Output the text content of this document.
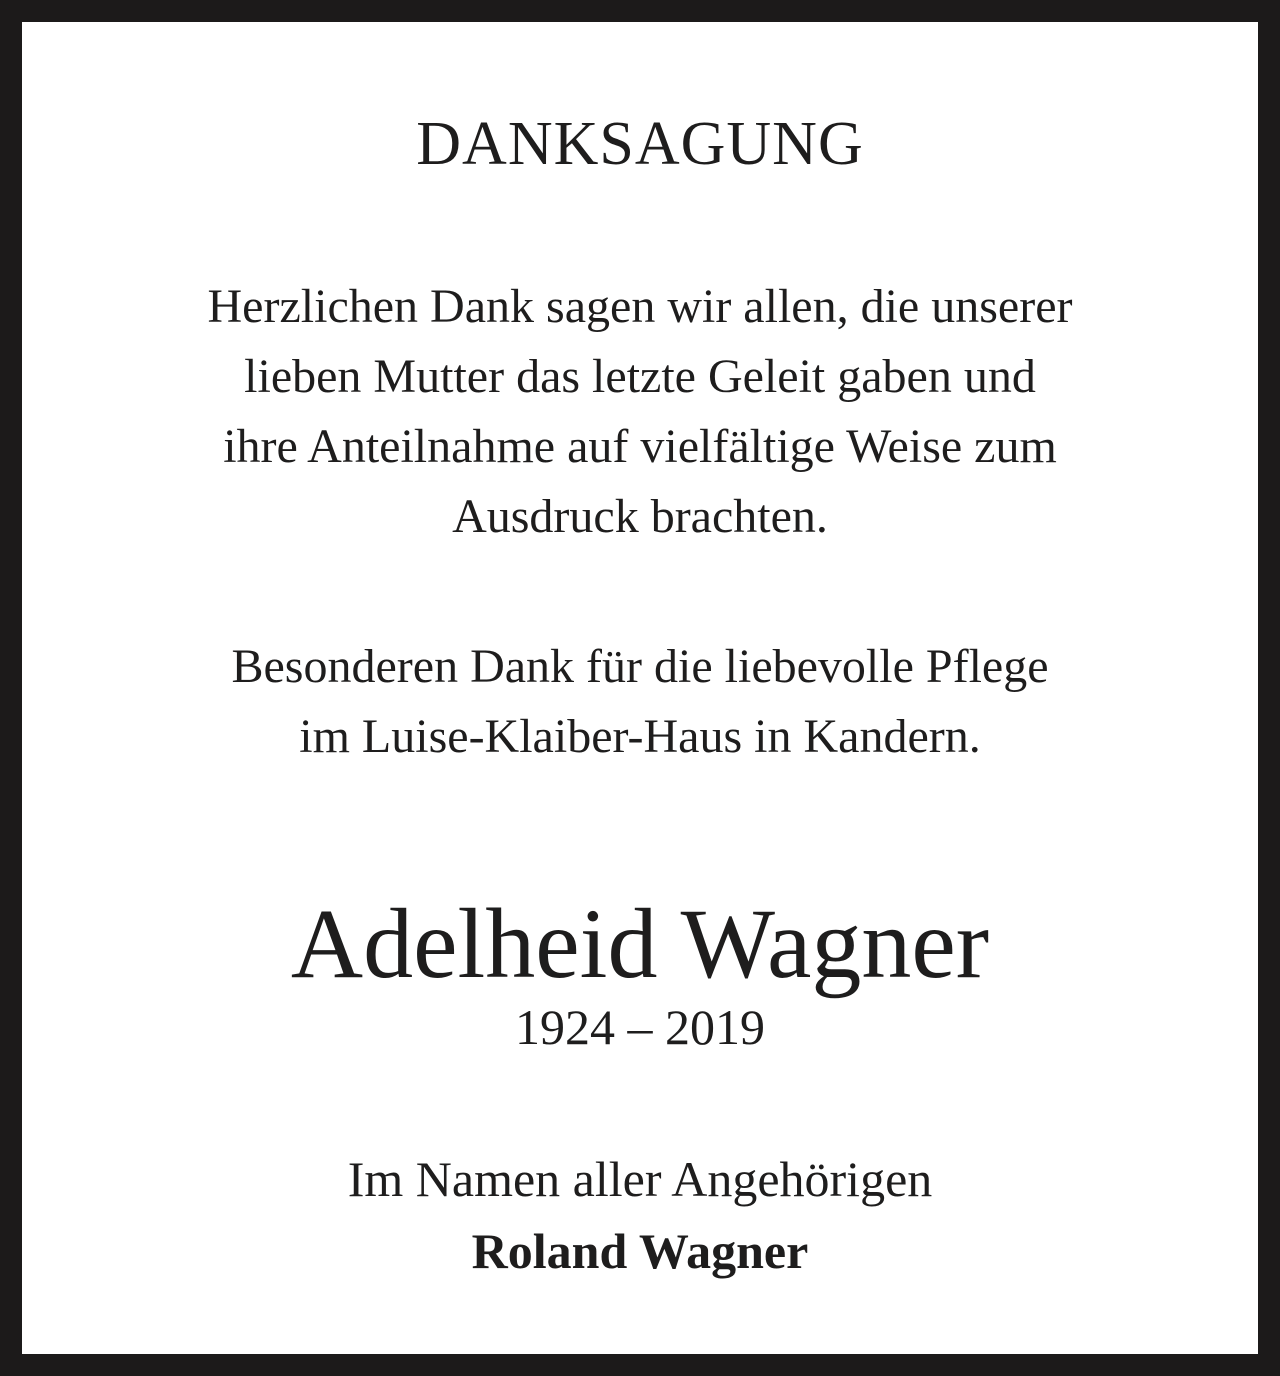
DANKSAGUNG
Herzlichen Dank sagen wir allen, die unserer
lieben Mutter das letzte Geleit gaben und
ihre Anteilnahme auf vielfältige Weise zum
Ausdruck brachten.
Besonderen Dank für die liebevolle Pflege
im Luise-Klaiber-Haus in Kandern.
Adelheid Wagner
1924 – 2019
Im Namen aller Angehörigen
Roland Wagner
